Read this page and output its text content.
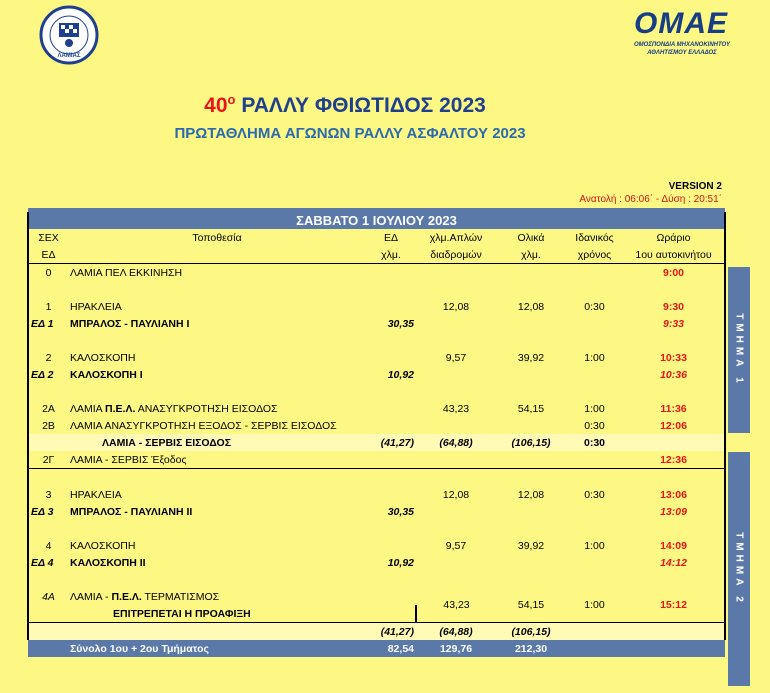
ΛΑΜΙΑΣ
OMAE
ΟΜΟΣΠΟΝΔΙΑ ΜΗΧΑΝΟΚΙΝΗΤΟΥ
ΑΘΛΗΤΙΣΜΟΥ ΕΛΛΑΔΟΣ
$40^o$ ΡΑΛΛΥ ΦΘΙΩΤΙΔΟΣ 2023
ΠΡΩΤΑΘΛΗΜΑ ΑΓΩΝΩΝ ΡΑΛΛΥ ΑΣΦΑΛΤΟΥ 2023
VERSION 2
Ανατολή : 06:06΄ - Δύση : 20:51΄

ΣΑΒΒΑΤΟ 1 ΙΟΥΛΙΟΥ 2023						
ΣΕΧ	Τοποθεσία	ΕΔ	χλμ.Απλών	Ολικά	Ιδανικός	Ωράριο
ΕΔ		χλμ.	διαδρομών	χλμ.	χρόνος	1ου αυτοκινήτου
0	ΛΑΜΙΑ ΠΕΛ ΕΚΚΙΝΗΣΗ					9:00

1	ΗΡΑΚΛΕΙΑ		12,08	12,08	0:30	9:30
ΕΔ 1	ΜΠΡΑΛΟΣ - ΠΑΥΛΙΑΝΗ Ι	30,35				9:33

2	ΚΑΛΟΣΚΟΠΗ		9,57	39,92	1:00	10:33
ΕΔ 2	ΚΑΛΟΣΚΟΠΗ Ι	10,92				10:36

2Α	ΛΑΜΙΑ Π.Ε.Λ. ΑΝΑΣΥΓΚΡΟΤΗΣΗ ΕΙΣΟΔΟΣ		43,23	54,15	1:00	11:36
2Β	ΛΑΜΙΑ ΑΝΑΣΥΓΚΡΟΤΗΣΗ ΕΞΟΔΟΣ - ΣΕΡΒΙΣ ΕΙΣΟΔΟΣ				0:30	12:06
	ΛΑΜΙΑ - ΣΕΡΒΙΣ ΕΙΣΟΔΟΣ	(41,27)	(64,88)	(106,15)	0:30	
2Γ	ΛΑΜΙΑ - ΣΕΡΒΙΣ Έξοδος					12:36

3	ΗΡΑΚΛΕΙΑ		12,08	12,08	0:30	13:06
ΕΔ 3	ΜΠΡΑΛΟΣ - ΠΑΥΛΙΑΝΗ ΙΙ	30,35				13:09

4	ΚΑΛΟΣΚΟΠΗ		9,57	39,92	1:00	14:09
ΕΔ 4	ΚΑΛΟΣΚΟΠΗ ΙΙ	10,92				14:12

4Α	ΛΑΜΙΑ - Π.Ε.Λ. ΤΕΡΜΑΤΙΣΜΟΣ		43,23	54,15	1:00	15:12
	ΕΠΙΤΡΕΠΕΤΑΙ Η ΠΡΟΑΦΙΞΗ					
		(41,27)	(64,88)	(106,15)		
	Σύνολο 1ου + 2ου Τμήματος	82,54	129,76	212,30		
ΤΜΗΜΑ 1
ΤΜΗΜΑ 2
